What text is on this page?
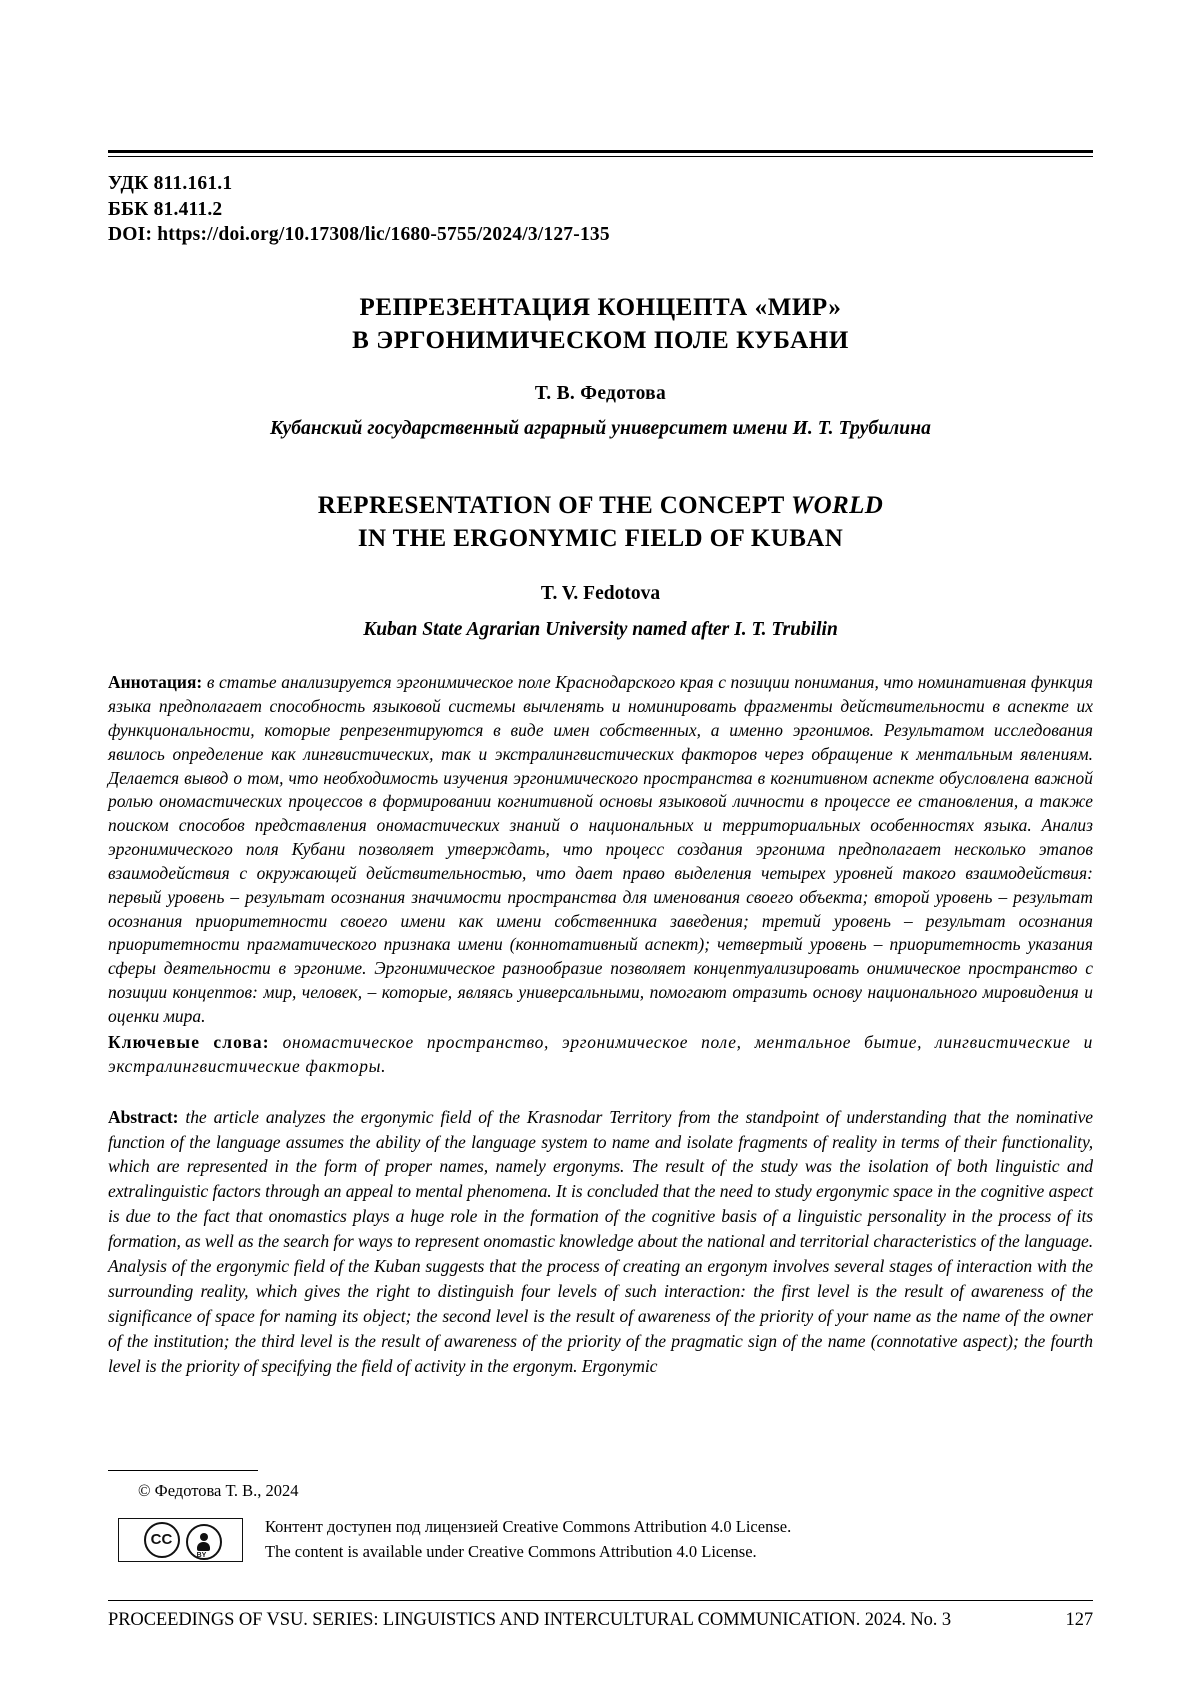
УДК 811.161.1
ББК 81.411.2
DOI: https://doi.org/10.17308/lic/1680-5755/2024/3/127-135
РЕПРЕЗЕНТАЦИЯ КОНЦЕПТА «МИР»
В ЭРГОНИМИЧЕСКОМ ПОЛЕ КУБАНИ
Т. В. Федотова
Кубанский государственный аграрный университет имени И. Т. Трубилина
REPRESENTATION OF THE CONCEPT WORLD
IN THE ERGONYMIC FIELD OF KUBAN
T. V. Fedotova
Kuban State Agrarian University named after I. T. Trubilin
Аннотация: в статье анализируется эргонимическое поле Краснодарского края с позиции понимания, что номинативная функция языка предполагает способность языковой системы вычленять и номинировать фрагменты действительности в аспекте их функциональности, которые репрезентируются в виде имен собственных, а именно эргонимов. Результатом исследования явилось определение как лингвистических, так и экстралингвистических факторов через обращение к ментальным явлениям. Делается вывод о том, что необходимость изучения эргонимического пространства в когнитивном аспекте обусловлена важной ролью ономастических процессов в формировании когнитивной основы языковой личности в процессе ее становления, а также поиском способов представления ономастических знаний о национальных и территориальных особенностях языка. Анализ эргонимического поля Кубани позволяет утверждать, что процесс создания эргонима предполагает несколько этапов взаимодействия с окружающей действительностью, что дает право выделения четырех уровней такого взаимодействия: первый уровень – результат осознания значимости пространства для именования своего объекта; второй уровень – результат осознания приоритетности своего имени как имени собственника заведения; третий уровень – результат осознания приоритетности прагматического признака имени (коннотативный аспект); четвертый уровень – приоритетность указания сферы деятельности в эргониме. Эргонимическое разнообразие позволяет концептуализировать онимическое пространство с позиции концептов: мир, человек, – которые, являясь универсальными, помогают отразить основу национального мировидения и оценки мира.
Ключевые слова: ономастическое пространство, эргонимическое поле, ментальное бытие, лингвистические и экстралингвистические факторы.
Abstract: the article analyzes the ergonymic field of the Krasnodar Territory from the standpoint of understanding that the nominative function of the language assumes the ability of the language system to name and isolate fragments of reality in terms of their functionality, which are represented in the form of proper names, namely ergonyms. The result of the study was the isolation of both linguistic and extralinguistic factors through an appeal to mental phenomena. It is concluded that the need to study ergonymic space in the cognitive aspect is due to the fact that onomastics plays a huge role in the formation of the cognitive basis of a linguistic personality in the process of its formation, as well as the search for ways to represent onomastic knowledge about the national and territorial characteristics of the language. Analysis of the ergonymic field of the Kuban suggests that the process of creating an ergonym involves several stages of interaction with the surrounding reality, which gives the right to distinguish four levels of such interaction: the first level is the result of awareness of the significance of space for naming its object; the second level is the result of awareness of the priority of your name as the name of the owner of the institution; the third level is the result of awareness of the priority of the pragmatic sign of the name (connotative aspect); the fourth level is the priority of specifying the field of activity in the ergonym. Ergonymic
© Федотова Т. В., 2024
CC
BY
Контент доступен под лицензией Creative Commons Attribution 4.0 License.
The content is available under Creative Commons Attribution 4.0 License.
PROCEEDINGS OF VSU. SERIES: LINGUISTICS AND INTERCULTURAL COMMUNICATION. 2024. No. 3	127
